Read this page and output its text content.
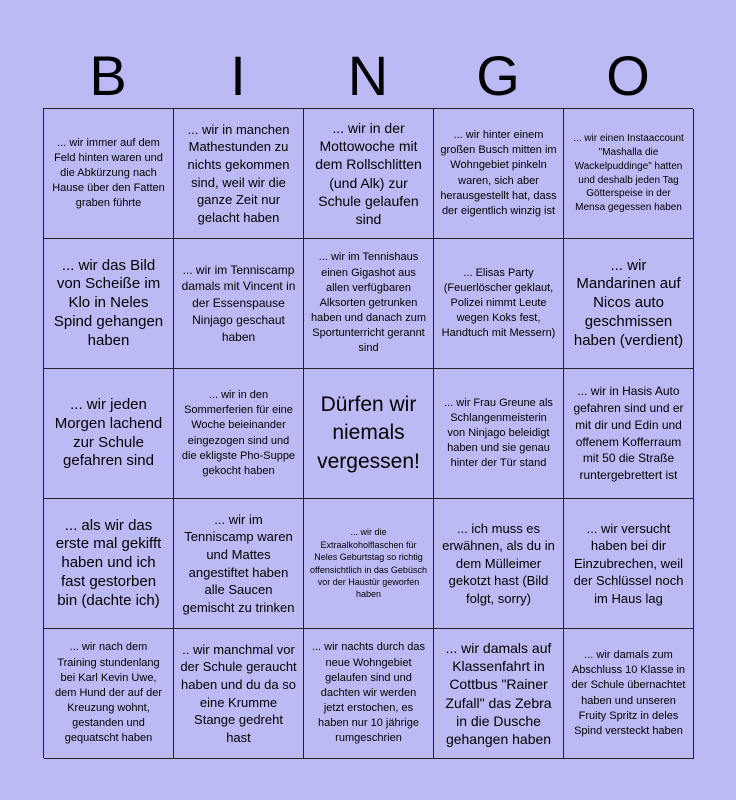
B	I	N	G	O
... wir immer auf dem Feld hinten waren und die Abkürzung nach Hause über den Fatten graben führte
... wir in manchen Mathestunden zu nichts gekommen sind, weil wir die ganze Zeit nur gelacht haben
... wir in der Mottowoche mit dem Rollschlitten (und Alk) zur Schule gelaufen sind
... wir hinter einem großen Busch mitten im Wohngebiet pinkeln waren, sich aber herausgestellt hat, dass der eigentlich winzig ist
... wir einen Instaaccount "Mashalla die Wackelpuddinge" hatten und deshalb jeden Tag Götterspeise in der Mensa gegessen haben
... wir das Bild von Scheiße im Klo in Neles Spind gehangen haben
... wir im Tenniscamp damals mit Vincent in der Essenspause Ninjago geschaut haben
... wir im Tennishaus einen Gigashot aus allen verfügbaren Alksorten getrunken haben und danach zum Sportunterricht gerannt sind
... Elisas Party (Feuerlöscher geklaut, Polizei nimmt Leute wegen Koks fest, Handtuch mit Messern)
... wir Mandarinen auf Nicos auto geschmissen haben (verdient)
... wir jeden Morgen lachend zur Schule gefahren sind
... wir in den Sommerferien für eine Woche beieinander eingezogen sind und die ekligste Pho-Suppe gekocht haben
Dürfen wir niemals vergessen!
... wir Frau Greune als Schlangenmeisterin von Ninjago beleidigt haben und sie genau hinter der Tür stand
... wir in Hasis Auto gefahren sind und er mit dir und Edin und offenem Kofferraum mit 50 die Straße runtergebrettert ist
... als wir das erste mal gekifft haben und ich fast gestorben bin (dachte ich)
... wir im Tenniscamp waren und Mattes angestiftet haben alle Saucen gemischt zu trinken
... wir die Extraalkoholflaschen für Neles Geburtstag so richtig offensichtlich in das Gebüsch vor der Haustür geworfen haben
... ich muss es erwähnen, als du in dem Mülleimer gekotzt hast (Bild folgt, sorry)
... wir versucht haben bei dir Einzubrechen, weil der Schlüssel noch im Haus lag
... wir nach dem Training stundenlang bei Karl Kevin Uwe, dem Hund der auf der Kreuzung wohnt, gestanden und gequatscht haben
.. wir manchmal vor der Schule geraucht haben und du da so eine Krumme Stange gedreht hast
... wir nachts durch das neue Wohngebiet gelaufen sind und dachten wir werden jetzt erstochen, es haben nur 10 jährige rumgeschrien
... wir damals auf Klassenfahrt in Cottbus "Rainer Zufall" das Zebra in die Dusche gehangen haben
... wir damals zum Abschluss 10 Klasse in der Schule übernachtet haben und unseren Fruity Spritz in deles Spind versteckt haben
